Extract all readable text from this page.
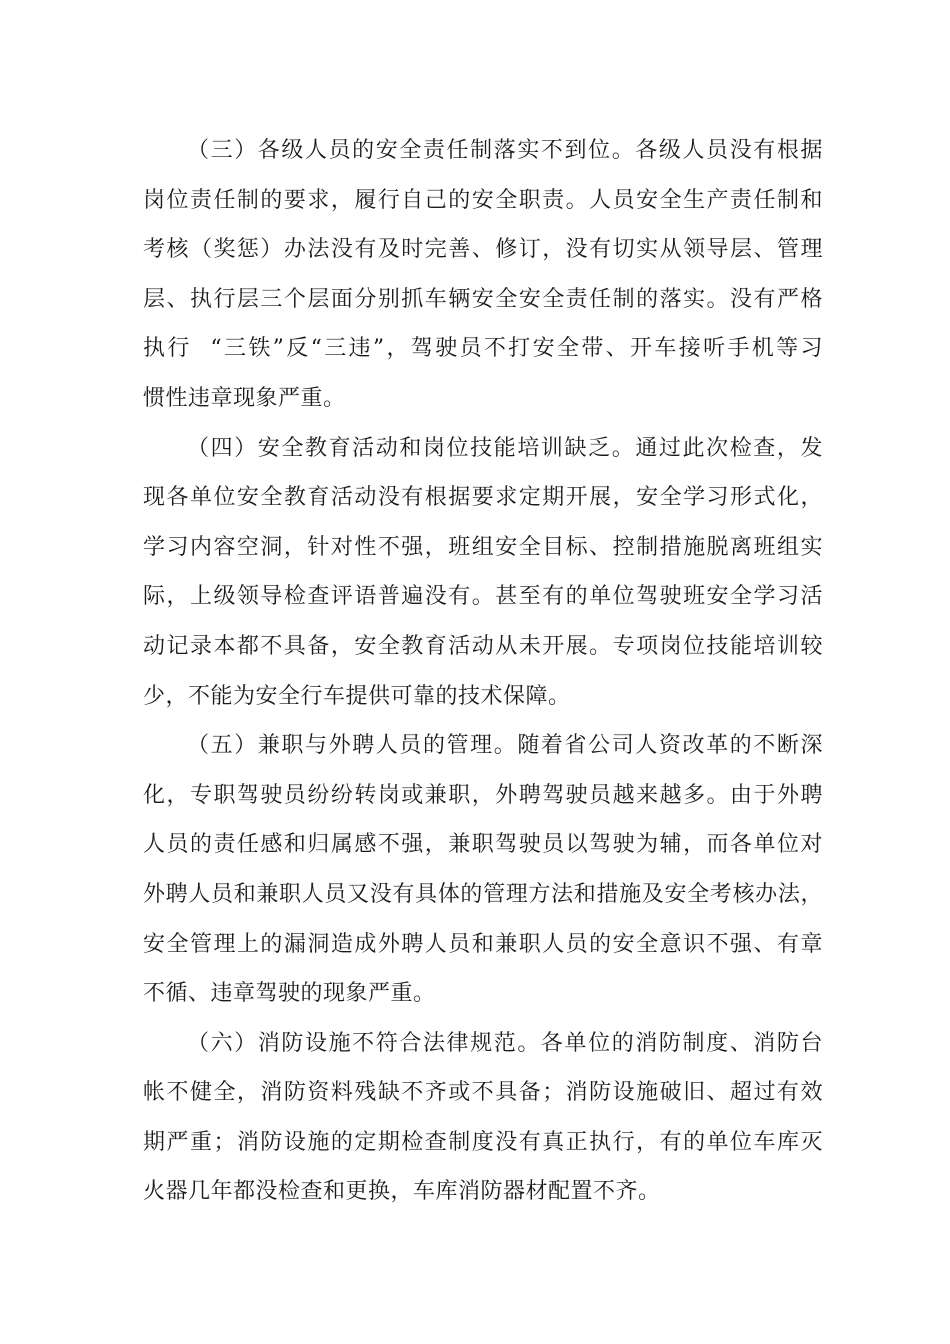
（三）各级人员的安全责任制落实不到位。各级人员没有根据
岗位责任制的要求，履行自己的安全职责。人员安全生产责任制和
考核（奖惩）办法没有及时完善、修订，没有切实从领导层、管理
层、执行层三个层面分别抓车辆安全安全责任制的落实。没有严格
执行  “三铁”反“三违”，驾驶员不打安全带、开车接听手机等习
惯性违章现象严重。
（四）安全教育活动和岗位技能培训缺乏。通过此次检查，发
现各单位安全教育活动没有根据要求定期开展，安全学习形式化，
学习内容空洞，针对性不强，班组安全目标、控制措施脱离班组实
际，上级领导检查评语普遍没有。甚至有的单位驾驶班安全学习活
动记录本都不具备，安全教育活动从未开展。专项岗位技能培训较
少，不能为安全行车提供可靠的技术保障。
（五）兼职与外聘人员的管理。随着省公司人资改革的不断深
化，专职驾驶员纷纷转岗或兼职，外聘驾驶员越来越多。由于外聘
人员的责任感和归属感不强，兼职驾驶员以驾驶为辅，而各单位对
外聘人员和兼职人员又没有具体的管理方法和措施及安全考核办法，
安全管理上的漏洞造成外聘人员和兼职人员的安全意识不强、有章
不循、违章驾驶的现象严重。
（六）消防设施不符合法律规范。各单位的消防制度、消防台
帐不健全，消防资料残缺不齐或不具备；消防设施破旧、超过有效
期严重；消防设施的定期检查制度没有真正执行，有的单位车库灭
火器几年都没检查和更换，车库消防器材配置不齐。
